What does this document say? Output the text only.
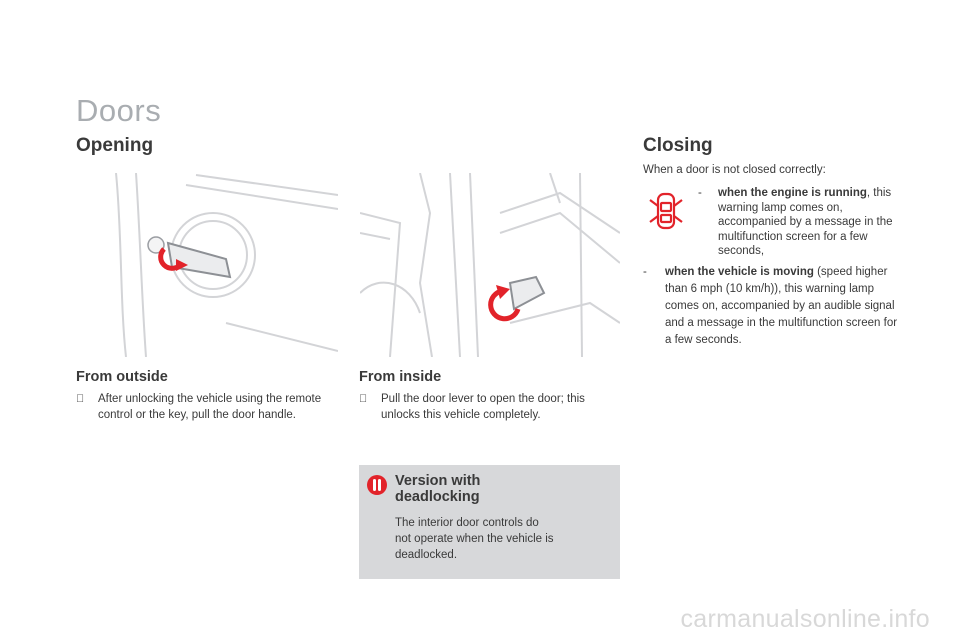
Doors
Opening
From outside
After unlocking the vehicle using the remote control or the key, pull the door handle.
From inside
Pull the door lever to open the door; this unlocks this vehicle completely.
Version with
deadlocking
The interior door controls do not operate when the vehicle is deadlocked.
Closing
When a door is not closed correctly:
-	when the engine is running, this warning lamp comes on, accompanied by a message in the multifunction screen for a few seconds,
-	when the vehicle is moving (speed higher than 6 mph (10 km/h)), this warning lamp comes on, accompanied by an audible signal and a message in the multifunction screen for a few seconds.
carmanualsonline.info
